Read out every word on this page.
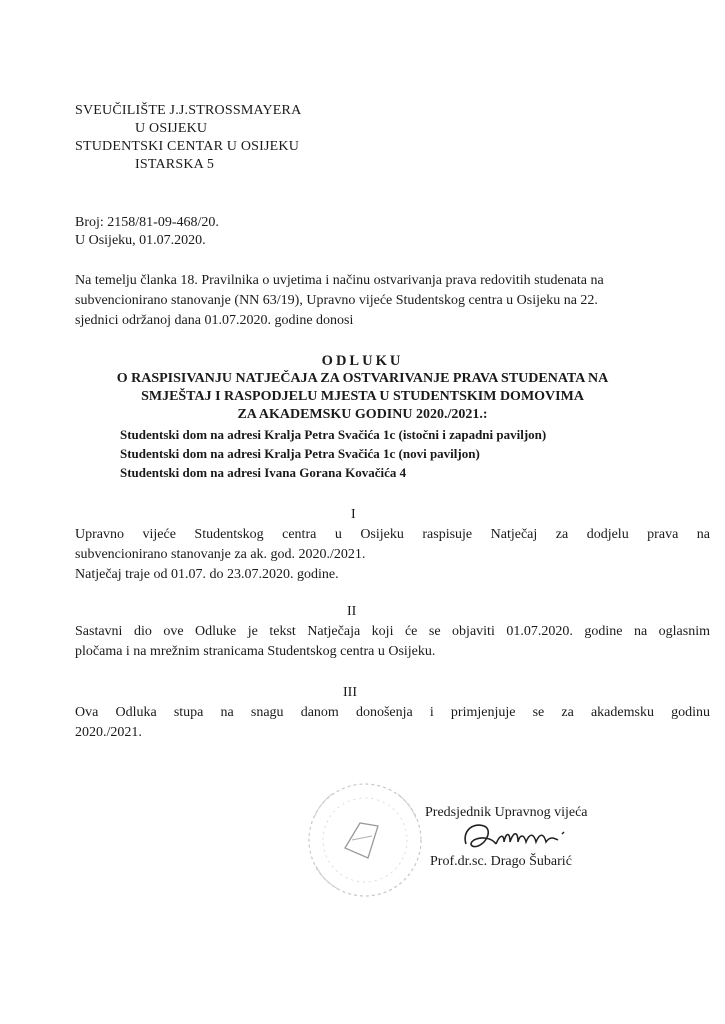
SVEUČILIŠTE J.J.STROSSMAYERA
U OSIJEKU
STUDENTSKI CENTAR U OSIJEKU
ISTARSKA 5
Broj: 2158/81-09-468/20.
U Osijeku, 01.07.2020.
Na temelju članka 18. Pravilnika o uvjetima i načinu ostvarivanja prava redovitih studenata na
subvencionirano stanovanje (NN 63/19), Upravno vijeće Studentskog centra u Osijeku na 22.
sjednici održanoj dana 01.07.2020. godine donosi
ODLUKU
O RASPISIVANJU NATJEČAJA ZA OSTVARIVANJE PRAVA STUDENATA NA
SMJEŠTAJ I RASPODJELU MJESTA U STUDENTSKIM DOMOVIMA
ZA AKADEMSKU GODINU 2020./2021.:
Studentski dom na adresi Kralja Petra Svačića 1c (istočni i zapadni paviljon)
Studentski dom na adresi Kralja Petra Svačića 1c (novi paviljon)
Studentski dom na adresi Ivana Gorana Kovačića 4
I
Upravno vijeće Studentskog centra u Osijeku raspisuje Natječaj za dodjelu prava na
subvencionirano stanovanje za ak. god. 2020./2021.
Natječaj traje od 01.07. do 23.07.2020. godine.
II
Sastavni dio ove Odluke je tekst Natječaja koji će se objaviti 01.07.2020. godine na oglasnim
pločama i na mrežnim stranicama Studentskog centra u Osijeku.
III
Ova Odluka stupa na snagu danom donošenja i primjenjuje se za akademsku godinu
2020./2021.
Predsjednik Upravnog vijeća
Prof.dr.sc. Drago Šubarić
